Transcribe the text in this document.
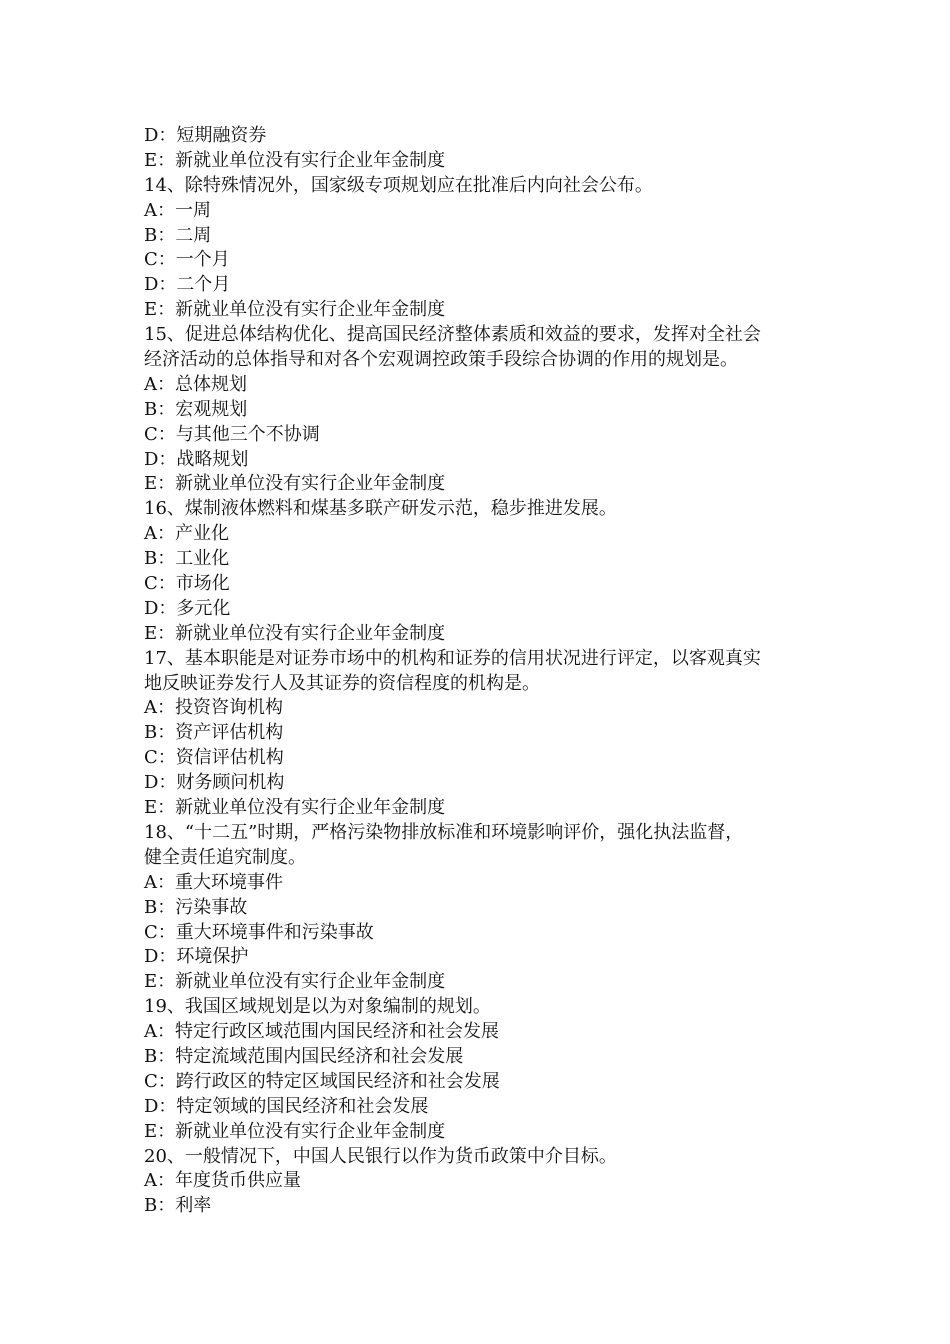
D：短期融资券
E：新就业单位没有实行企业年金制度
14、除特殊情况外，国家级专项规划应在批准后内向社会公布。
A：一周
B：二周
C：一个月
D：二个月
E：新就业单位没有实行企业年金制度
15、促进总体结构优化、提高国民经济整体素质和效益的要求，发挥对全社会
经济活动的总体指导和对各个宏观调控政策手段综合协调的作用的规划是。
A：总体规划
B：宏观规划
C：与其他三个不协调
D：战略规划
E：新就业单位没有实行企业年金制度
16、煤制液体燃料和煤基多联产研发示范，稳步推进发展。
A：产业化
B：工业化
C：市场化
D：多元化
E：新就业单位没有实行企业年金制度
17、基本职能是对证券市场中的机构和证券的信用状况进行评定，以客观真实
地反映证券发行人及其证券的资信程度的机构是。
A：投资咨询机构
B：资产评估机构
C：资信评估机构
D：财务顾问机构
E：新就业单位没有实行企业年金制度
18、“十二五”时期，严格污染物排放标准和环境影响评价，强化执法监督，
健全责任追究制度。
A：重大环境事件
B：污染事故
C：重大环境事件和污染事故
D：环境保护
E：新就业单位没有实行企业年金制度
19、我国区域规划是以为对象编制的规划。
A：特定行政区域范围内国民经济和社会发展
B：特定流域范围内国民经济和社会发展
C：跨行政区的特定区域国民经济和社会发展
D：特定领域的国民经济和社会发展
E：新就业单位没有实行企业年金制度
20、一般情况下，中国人民银行以作为货币政策中介目标。
A：年度货币供应量
B：利率
